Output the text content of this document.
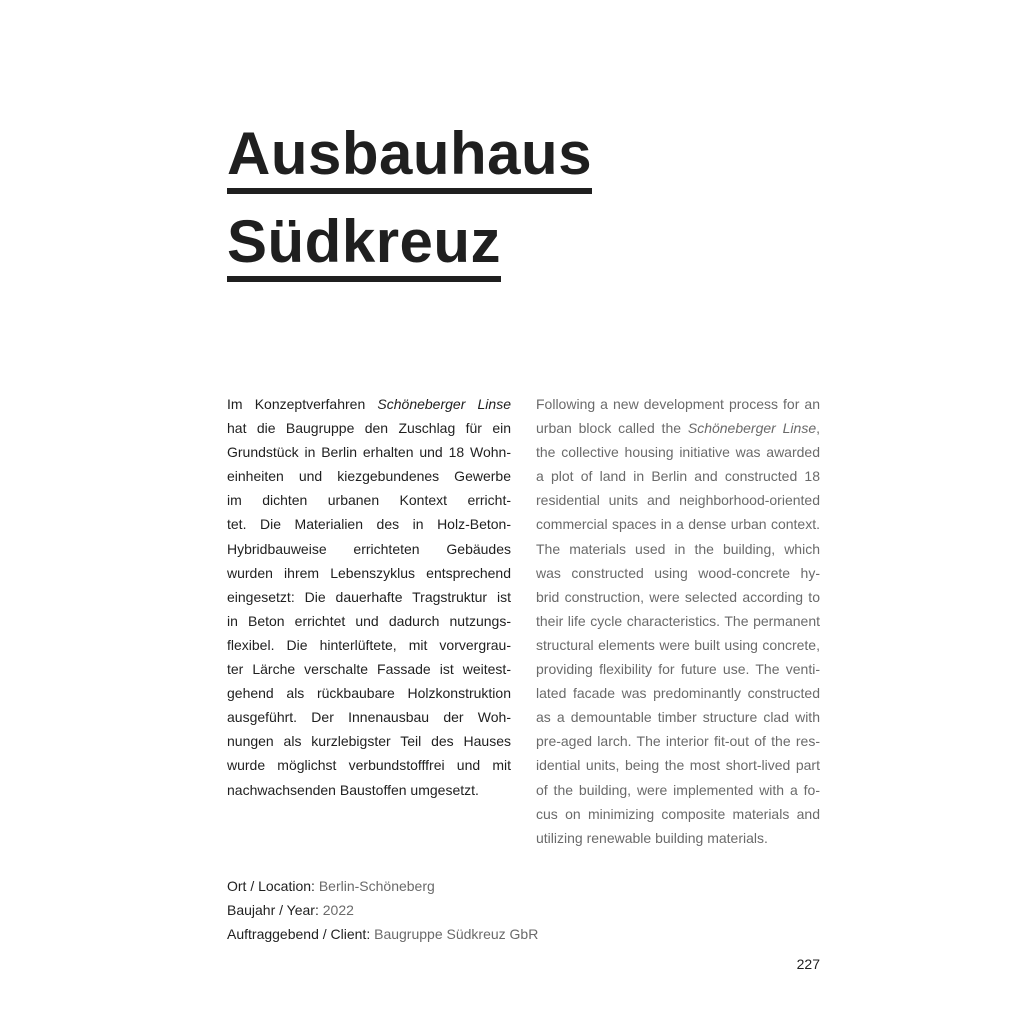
Ausbauhaus
Südkreuz
Im Konzeptverfahren Schöneberger Linse
hat die Baugruppe den Zuschlag für ein
Grundstück in Berlin erhalten und 18 Wohn-
einheiten und kiezgebundenes Gewerbe
im dichten urbanen Kontext erricht-
tet. Die Materialien des in Holz-Beton-
Hybridbauweise errichteten Gebäudes
wurden ihrem Lebenszyklus entsprechend
eingesetzt: Die dauerhafte Tragstruktur ist
in Beton errichtet und dadurch nutzungs-
flexibel. Die hinterlüftete, mit vorvergrau-
ter Lärche verschalte Fassade ist weitest-
gehend als rückbaubare Holzkonstruktion
ausgeführt. Der Innenausbau der Woh-
nungen als kurzlebigster Teil des Hauses
wurde möglichst verbundstofffrei und mit
nachwachsenden Baustoffen umgesetzt.
Following a new development process for an
urban block called the Schöneberger Linse,
the collective housing initiative was awarded
a plot of land in Berlin and constructed 18
residential units and neighborhood-oriented
commercial spaces in a dense urban context.
The materials used in the building, which
was constructed using wood-concrete hy-
brid construction, were selected according to
their life cycle characteristics. The permanent
structural elements were built using concrete,
providing flexibility for future use. The venti-
lated facade was predominantly constructed
as a demountable timber structure clad with
pre-aged larch. The interior fit-out of the res-
idential units, being the most short-lived part
of the building, were implemented with a fo-
cus on minimizing composite materials and
utilizing renewable building materials.
Ort / Location: Berlin-Schöneberg
Baujahr / Year: 2022
Auftraggebend / Client: Baugruppe Südkreuz GbR
227
